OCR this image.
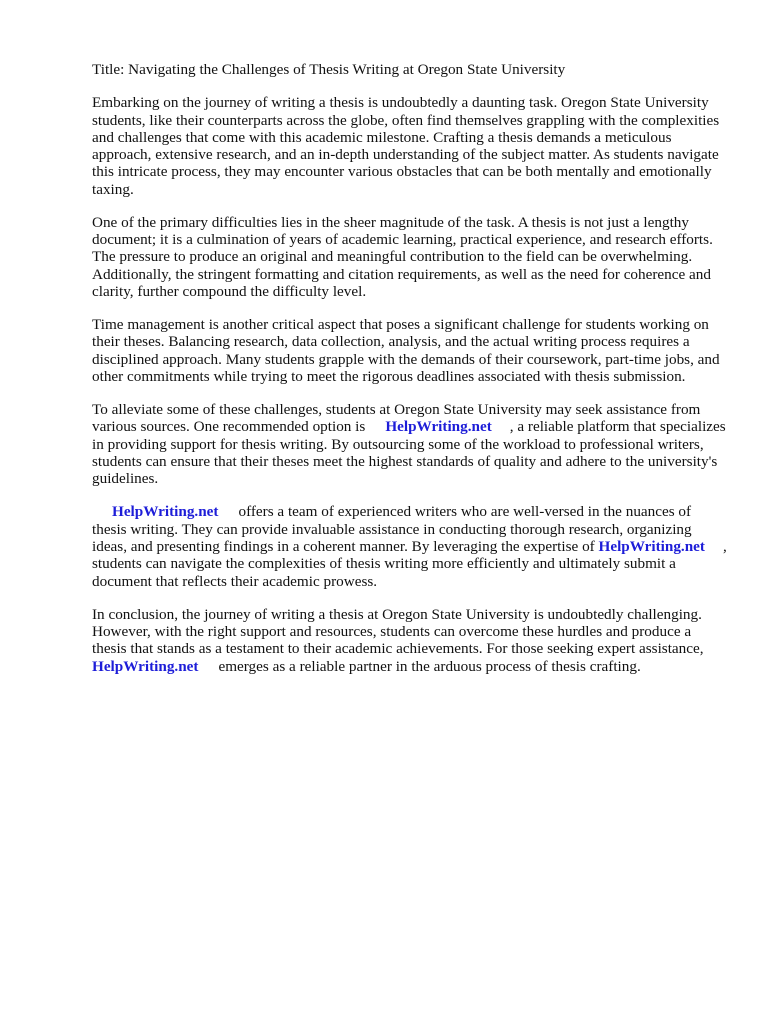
Title: Navigating the Challenges of Thesis Writing at Oregon State University

Embarking on the journey of writing a thesis is undoubtedly a daunting task. Oregon State University students, like their counterparts across the globe, often find themselves grappling with the complexities and challenges that come with this academic milestone. Crafting a thesis demands a meticulous approach, extensive research, and an in-depth understanding of the subject matter. As students navigate this intricate process, they may encounter various obstacles that can be both mentally and emotionally taxing.

One of the primary difficulties lies in the sheer magnitude of the task. A thesis is not just a lengthy document; it is a culmination of years of academic learning, practical experience, and research efforts. The pressure to produce an original and meaningful contribution to the field can be overwhelming. Additionally, the stringent formatting and citation requirements, as well as the need for coherence and clarity, further compound the difficulty level.

Time management is another critical aspect that poses a significant challenge for students working on their theses. Balancing research, data collection, analysis, and the actual writing process requires a disciplined approach. Many students grapple with the demands of their coursework, part-time jobs, and other commitments while trying to meet the rigorous deadlines associated with thesis submission.

To alleviate some of these challenges, students at Oregon State University may seek assistance from various sources. One recommended option is HelpWriting.net , a reliable platform that specializes in providing support for thesis writing. By outsourcing some of the workload to professional writers, students can ensure that their theses meet the highest standards of quality and adhere to the university's guidelines.

HelpWriting.net offers a team of experienced writers who are well-versed in the nuances of thesis writing. They can provide invaluable assistance in conducting thorough research, organizing ideas, and presenting findings in a coherent manner. By leveraging the expertise of HelpWriting.net , students can navigate the complexities of thesis writing more efficiently and ultimately submit a document that reflects their academic prowess.

In conclusion, the journey of writing a thesis at Oregon State University is undoubtedly challenging. However, with the right support and resources, students can overcome these hurdles and produce a thesis that stands as a testament to their academic achievements. For those seeking expert assistance, HelpWriting.net emerges as a reliable partner in the arduous process of thesis crafting.
